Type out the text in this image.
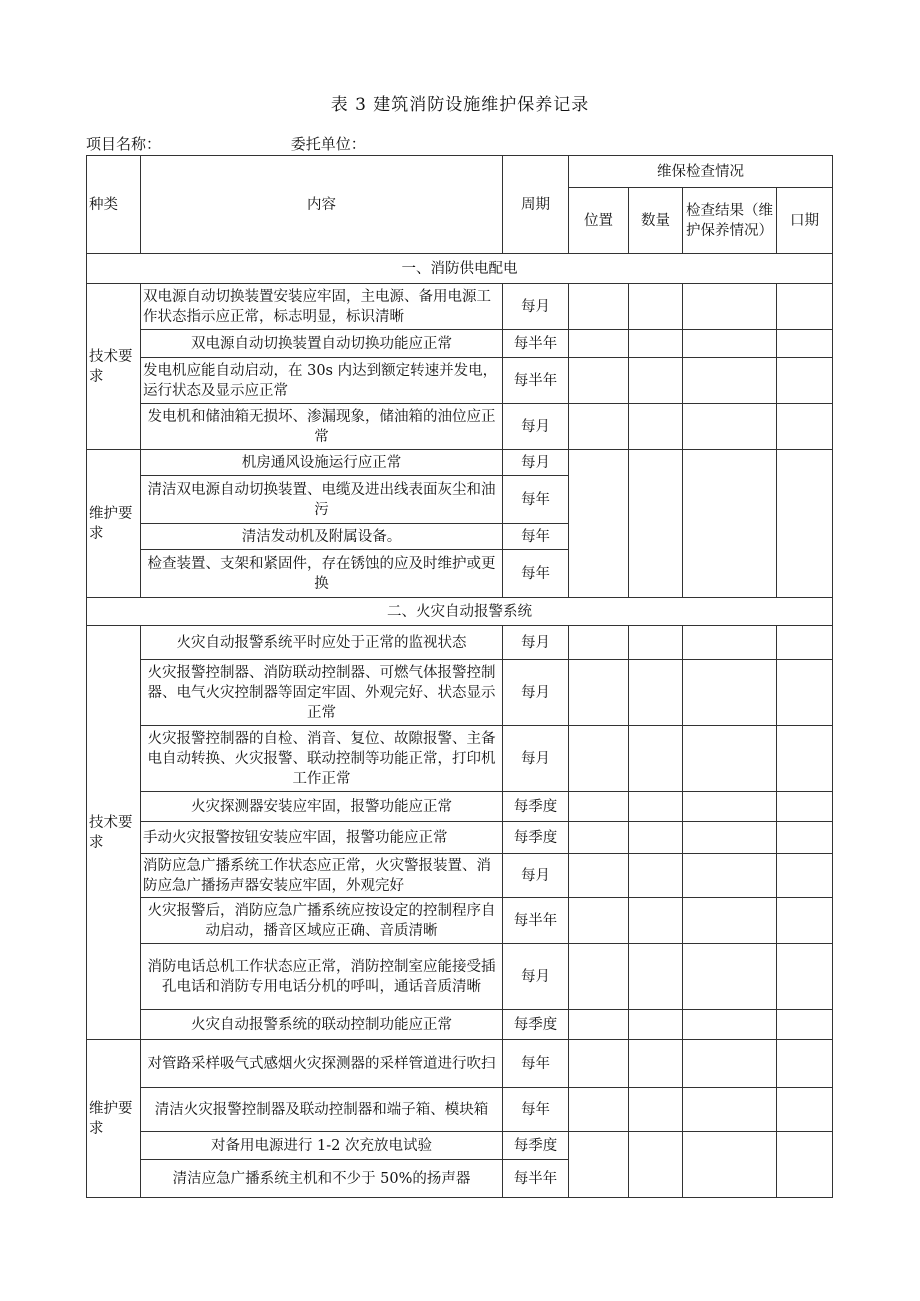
表 3 建筑消防设施维护保养记录
项目名称：	委托单位：
种类	内容	周期	维保检查情况			
			位置	数量	检查结果（维护保养情况）	口期
一、消防供电配电						
技术要求	双电源自动切换装置安装应牢固，主电源、备用电源工作状态指示应正常，标志明显，标识清晰	每月				
	双电源自动切换装置自动切换功能应正常	每半年				
	发电机应能自动启动，在 30s 内达到额定转速并发电，运行状态及显示应正常	每半年				
	发电机和储油箱无损坏、渗漏现象，储油箱的油位应正常	每月				
维护要求	机房通风设施运行应正常	每月				
	清洁双电源自动切换装置、电缆及进出线表面灰尘和油污	每年				
	清洁发动机及附属设备。	每年				
	检查装置、支架和紧固件，存在锈蚀的应及时维护或更换	每年				
二、火灾自动报警系统						
技术要求	火灾自动报警系统平时应处于正常的监视状态	每月				
	火灾报警控制器、消防联动控制器、可燃气体报警控制器、电气火灾控制器等固定牢固、外观完好、状态显示正常	每月				
	火灾报警控制器的自检、消音、复位、故隙报警、主备电自动转换、火灾报警、联动控制等功能正常，打印机工作正常	每月				
	火灾探测器安装应牢固，报警功能应正常	每季度				
	手动火灾报警按钮安装应牢固，报警功能应正常	每季度				
	消防应急广播系统工作状态应正常，火灾警报装置、消防应急广播扬声器安装应牢固，外观完好	每月				
	火灾报警后，消防应急广播系统应按设定的控制程序自动启动，播音区域应正确、音质清晰	每半年				
	消防电话总机工作状态应正常，消防控制室应能接受插孔电话和消防专用电话分机的呼叫，通话音质清晰	每月				
	火灾自动报警系统的联动控制功能应正常	每季度				
维护要求	对管路采样吸气式感烟火灾探测器的采样管道进行吹扫	每年				
	清洁火灾报警控制器及联动控制器和端子箱、模块箱	每年				
	对备用电源进行 1-2 次充放电试验	每季度				
	清洁应急广播系统主机和不少于 50%的扬声器	每半年				
